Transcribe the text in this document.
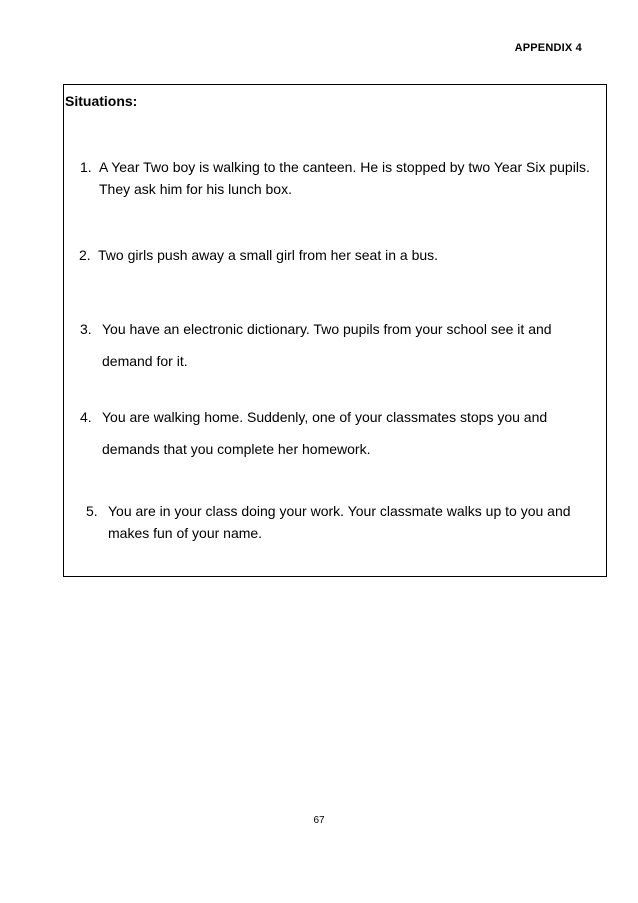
APPENDIX 4
Situations:
1. A Year Two boy is walking to the canteen. He is stopped by two Year Six pupils. They ask him for his lunch box.
2. Two girls push away a small girl from her seat in a bus.
3. You have an electronic dictionary. Two pupils from your school see it and demand for it.
4. You are walking home. Suddenly, one of your classmates stops you and demands that you complete her homework.
5. You are in your class doing your work. Your classmate walks up to you and makes fun of your name.
67
